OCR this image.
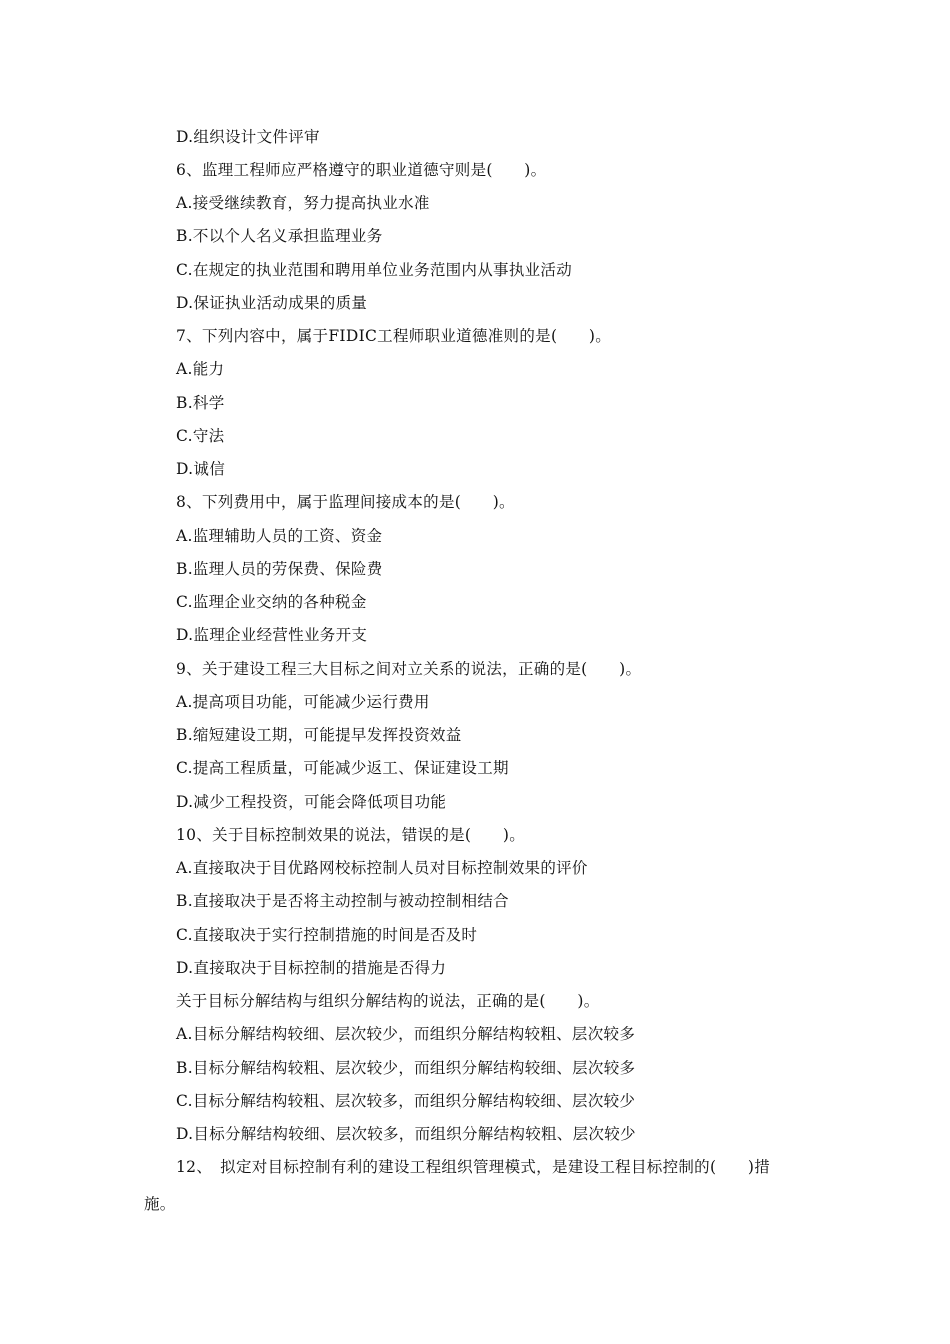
D.组织设计文件评审
6、监理工程师应严格遵守的职业道德守则是(　　)。
A.接受继续教育，努力提高执业水准
B.不以个人名义承担监理业务
C.在规定的执业范围和聘用单位业务范围内从事执业活动
D.保证执业活动成果的质量
7、下列内容中，属于FIDIC工程师职业道德准则的是(　　)。
A.能力
B.科学
C.守法
D.诚信
8、下列费用中，属于监理间接成本的是(　　)。
A.监理辅助人员的工资、资金
B.监理人员的劳保费、保险费
C.监理企业交纳的各种税金
D.监理企业经营性业务开支
9、关于建设工程三大目标之间对立关系的说法，正确的是(　　)。
A.提高项目功能，可能减少运行费用
B.缩短建设工期，可能提早发挥投资效益
C.提高工程质量，可能减少返工、保证建设工期
D.减少工程投资，可能会降低项目功能
10、关于目标控制效果的说法，错误的是(　　)。
A.直接取决于目优路网校标控制人员对目标控制效果的评价
B.直接取决于是否将主动控制与被动控制相结合
C.直接取决于实行控制措施的时间是否及时
D.直接取决于目标控制的措施是否得力
关于目标分解结构与组织分解结构的说法，正确的是(　　)。
A.目标分解结构较细、层次较少，而组织分解结构较粗、层次较多
B.目标分解结构较粗、层次较少，而组织分解结构较细、层次较多
C.目标分解结构较粗、层次较多，而组织分解结构较细、层次较少
D.目标分解结构较细、层次较多，而组织分解结构较粗、层次较少
12、　拟定对目标控制有利的建设工程组织管理模式，是建设工程目标控制的(　　)措
施。
